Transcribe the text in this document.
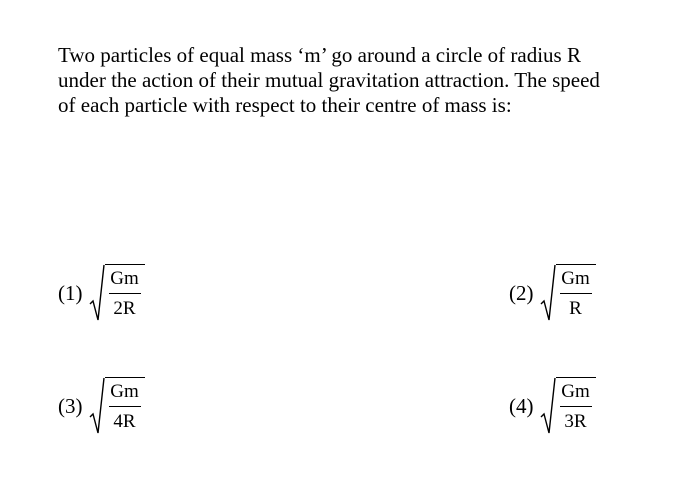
Two particles of equal mass ‘m’ go around a circle of radius R
under the action of their mutual gravitation attraction. The speed
of each particle with respect to their centre of mass is:
$(1) \frac{Gm}{2R}$	$(2) \frac{Gm}{R}$
$(3) \frac{Gm}{4R}$	$(4) \frac{Gm}{3R}$
